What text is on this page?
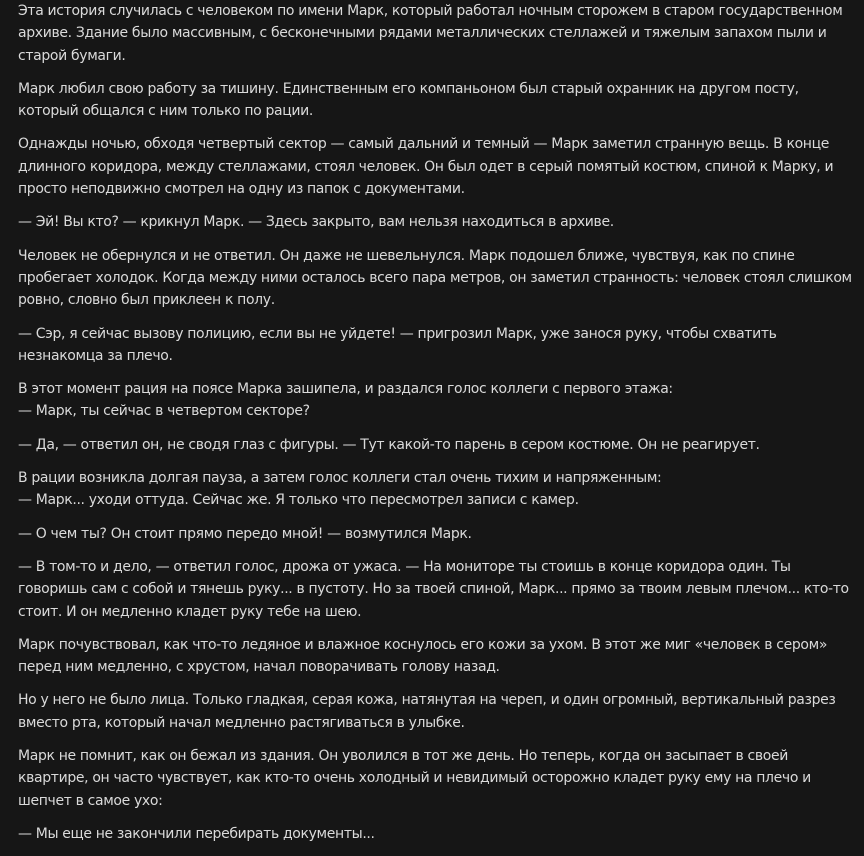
Эта история случилась с человеком по имени Марк, который работал ночным сторожем в старом государственном архиве. Здание было массивным, с бесконечными рядами металлических стеллажей и тяжелым запахом пыли и старой бумаги.

Марк любил свою работу за тишину. Единственным его компаньоном был старый охранник на другом посту, который общался с ним только по рации.

Однажды ночью, обходя четвертый сектор — самый дальний и темный — Марк заметил странную вещь. В конце длинного коридора, между стеллажами, стоял человек. Он был одет в серый помятый костюм, спиной к Марку, и просто неподвижно смотрел на одну из папок с документами.

— Эй! Вы кто? — крикнул Марк. — Здесь закрыто, вам нельзя находиться в архиве.

Человек не обернулся и не ответил. Он даже не шевельнулся. Марк подошел ближе, чувствуя, как по спине пробегает холодок. Когда между ними осталось всего пара метров, он заметил странность: человек стоял слишком ровно, словно был приклеен к полу.

— Сэр, я сейчас вызову полицию, если вы не уйдете! — пригрозил Марк, уже занося руку, чтобы схватить незнакомца за плечо.

В этот момент рация на поясе Марка зашипела, и раздался голос коллеги с первого этажа:
— Марк, ты сейчас в четвертом секторе?

— Да, — ответил он, не сводя глаз с фигуры. — Тут какой-то парень в сером костюме. Он не реагирует.

В рации возникла долгая пауза, а затем голос коллеги стал очень тихим и напряженным:
— Марк... уходи оттуда. Сейчас же. Я только что пересмотрел записи с камер.

— О чем ты? Он стоит прямо передо мной! — возмутился Марк.

— В том-то и дело, — ответил голос, дрожа от ужаса. — На мониторе ты стоишь в конце коридора один. Ты говоришь сам с собой и тянешь руку... в пустоту. Но за твоей спиной, Марк... прямо за твоим левым плечом... кто-то стоит. И он медленно кладет руку тебе на шею.

Марк почувствовал, как что-то ледяное и влажное коснулось его кожи за ухом. В этот же миг «человек в сером» перед ним медленно, с хрустом, начал поворачивать голову назад.

Но у него не было лица. Только гладкая, серая кожа, натянутая на череп, и один огромный, вертикальный разрез вместо рта, который начал медленно растягиваться в улыбке.

Марк не помнит, как он бежал из здания. Он уволился в тот же день. Но теперь, когда он засыпает в своей квартире, он часто чувствует, как кто-то очень холодный и невидимый осторожно кладет руку ему на плечо и шепчет в самое ухо:

— Мы еще не закончили перебирать документы...
